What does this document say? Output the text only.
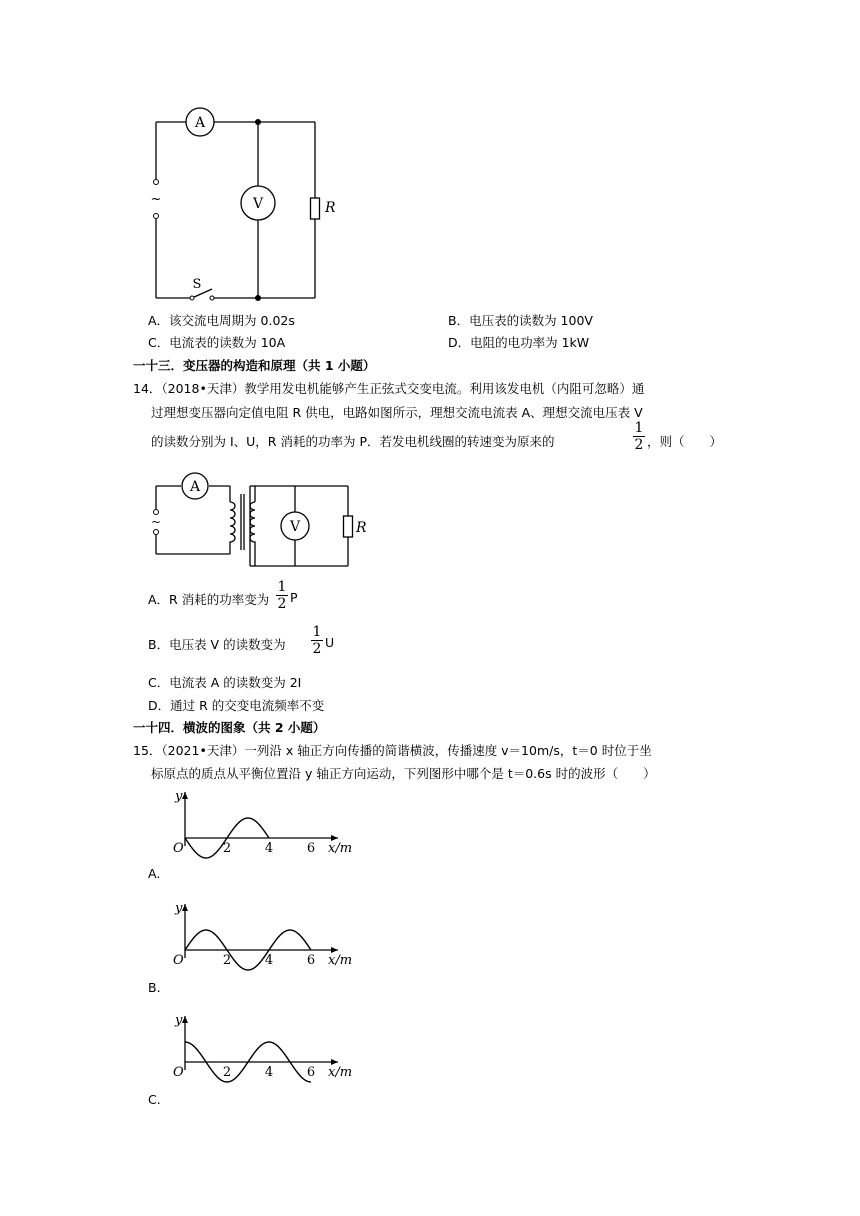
A
V
~
S
R
A．该交流电周期为 0.02s	B．电压表的读数为 100V
C．电流表的读数为 10A	D．电阻的电功率为 1kW
一十三．变压器的构造和原理（共 1 小题）
14．（2018•天津）教学用发电机能够产生正弦式交变电流。利用该发电机（内阻可忽略）通
过理想变压器向定值电阻 R 供电，电路如图所示，理想交流电流表 A、理想交流电压表 V
的读数分别为 I、U，R 消耗的功率为 P．若发电机线圈的转速变为原来的
1
2 ，则（　　）
A
V
~	R
A．R 消耗的功率变为
1
2 P
B．电压表 V 的读数变为
1
2 U
C．电流表 A 的读数变为 2I
D．通过 R 的交变电流频率不变
一十四．横波的图象（共 2 小题）
15．（2021•天津）一列沿 x 轴正方向传播的简谐横波，传播速度 v＝10m/s，t＝0 时位于坐
标原点的质点从平衡位置沿 y 轴正方向运动，下列图形中哪个是 t＝0.6s 时的波形（　　）
y
O	x/m
2	4	6
A.
y
O	x/m
2	4	6
B.
y
O	x/m
2	4	6
C.
